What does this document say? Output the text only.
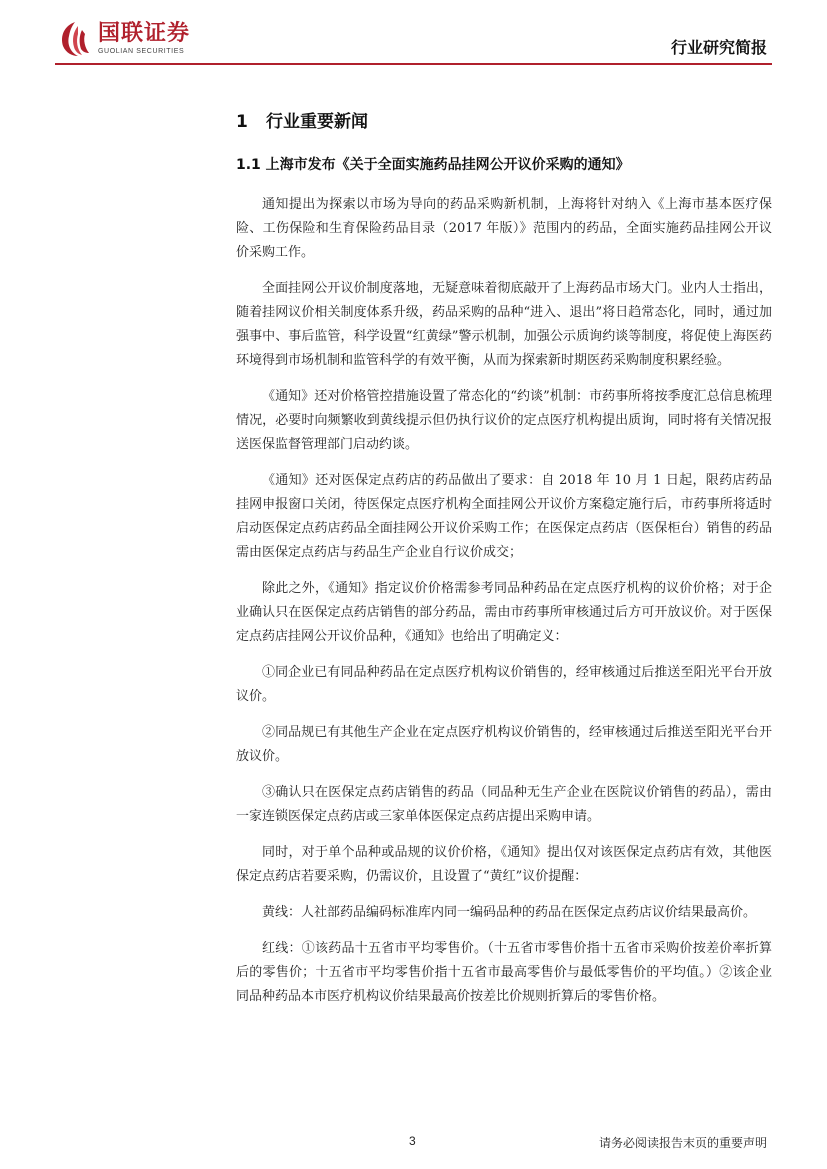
国联证券
GUOLIAN SECURITIES	行业研究简报
1 行业重要新闻
1.1 上海市发布《关于全面实施药品挂网公开议价采购的通知》

通知提出为探索以市场为导向的药品采购新机制，上海将针对纳入《上海市基本医疗保险、工伤保险和生育保险药品目录（2017 年版）》范围内的药品，全面实施药品挂网公开议价采购工作。

全面挂网公开议价制度落地，无疑意味着彻底敲开了上海药品市场大门。业内人士指出，随着挂网议价相关制度体系升级，药品采购的品种“进入、退出”将日趋常态化，同时，通过加强事中、事后监管，科学设置“红黄绿”警示机制，加强公示质询约谈等制度，将促使上海医药环境得到市场机制和监管科学的有效平衡，从而为探索新时期医药采购制度积累经验。

《通知》还对价格管控措施设置了常态化的“约谈”机制：市药事所将按季度汇总信息梳理情况，必要时向频繁收到黄线提示但仍执行议价的定点医疗机构提出质询，同时将有关情况报送医保监督管理部门启动约谈。

《通知》还对医保定点药店的药品做出了要求：自 2018 年 10 月 1 日起，限药店药品挂网申报窗口关闭，待医保定点医疗机构全面挂网公开议价方案稳定施行后，市药事所将适时启动医保定点药店药品全面挂网公开议价采购工作；在医保定点药店（医保柜台）销售的药品需由医保定点药店与药品生产企业自行议价成交；

除此之外，《通知》指定议价价格需参考同品种药品在定点医疗机构的议价价格；对于企业确认只在医保定点药店销售的部分药品，需由市药事所审核通过后方可开放议价。对于医保定点药店挂网公开议价品种，《通知》也给出了明确定义：

①同企业已有同品种药品在定点医疗机构议价销售的，经审核通过后推送至阳光平台开放议价。

②同品规已有其他生产企业在定点医疗机构议价销售的，经审核通过后推送至阳光平台开放议价。

③确认只在医保定点药店销售的药品（同品种无生产企业在医院议价销售的药品），需由一家连锁医保定点药店或三家单体医保定点药店提出采购申请。

同时，对于单个品种或品规的议价价格，《通知》提出仅对该医保定点药店有效，其他医保定点药店若要采购，仍需议价，且设置了“黄红”议价提醒：

黄线：人社部药品编码标准库内同一编码品种的药品在医保定点药店议价结果最高价。

红线：①该药品十五省市平均零售价。（十五省市零售价指十五省市采购价按差价率折算后的零售价；十五省市平均零售价指十五省市最高零售价与最低零售价的平均值。）②该企业同品种药品本市医疗机构议价结果最高价按差比价规则折算后的零售价格。

3	请务必阅读报告末页的重要声明
